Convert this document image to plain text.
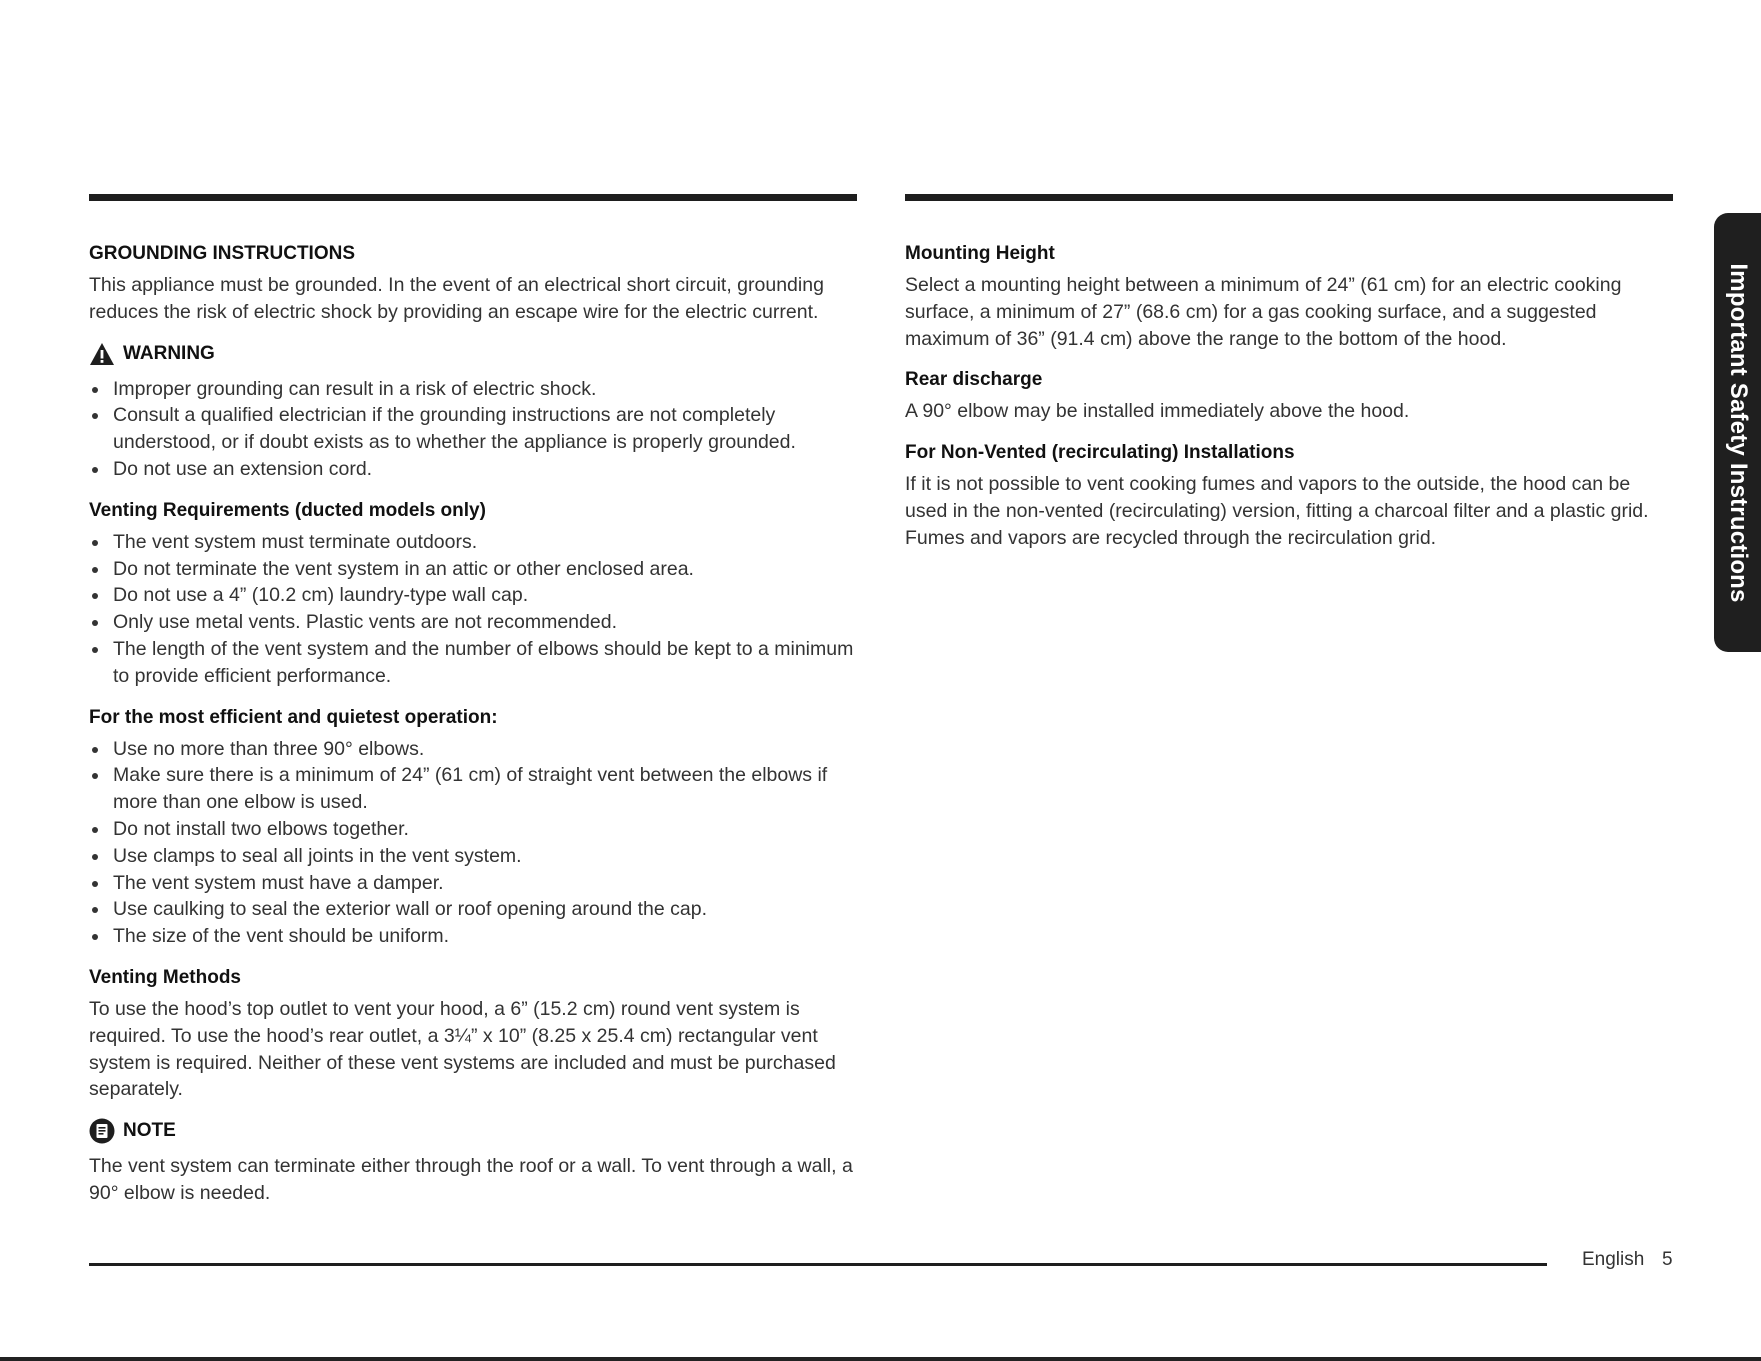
GROUNDING INSTRUCTIONS

This appliance must be grounded. In the event of an electrical short circuit, grounding reduces the risk of electric shock by providing an escape wire for the electric current.

WARNING
Improper grounding can result in a risk of electric shock.
Consult a qualified electrician if the grounding instructions are not completely understood, or if doubt exists as to whether the appliance is properly grounded.
Do not use an extension cord.
Venting Requirements (ducted models only)
The vent system must terminate outdoors.
Do not terminate the vent system in an attic or other enclosed area.
Do not use a 4” (10.2 cm) laundry-type wall cap.
Only use metal vents. Plastic vents are not recommended.
The length of the vent system and the number of elbows should be kept to a minimum to provide efficient performance.
For the most efficient and quietest operation:
Use no more than three 90° elbows.
Make sure there is a minimum of 24” (61 cm) of straight vent between the elbows if more than one elbow is used.
Do not install two elbows together.
Use clamps to seal all joints in the vent system.
The vent system must have a damper.
Use caulking to seal the exterior wall or roof opening around the cap.
The size of the vent should be uniform.
Venting Methods

To use the hood’s top outlet to vent your hood, a 6” (15.2 cm) round vent system is required. To use the hood’s rear outlet, a 3¼” x 10” (8.25 x 25.4 cm) rectangular vent system is required. Neither of these vent systems are included and must be purchased separately.

NOTE

The vent system can terminate either through the roof or a wall. To vent through a wall, a 90° elbow is needed.

Mounting Height

Select a mounting height between a minimum of 24” (61 cm) for an electric cooking surface, a minimum of 27” (68.6 cm) for a gas cooking surface, and a suggested maximum of 36” (91.4 cm) above the range to the bottom of the hood.

Rear discharge

A 90° elbow may be installed immediately above the hood.

For Non-Vented (recirculating) Installations

If it is not possible to vent cooking fumes and vapors to the outside, the hood can be used in the non-vented (recirculating) version, fitting a charcoal filter and a plastic grid. Fumes and vapors are recycled through the recirculation grid.	Important Safety Instructions
English 5
